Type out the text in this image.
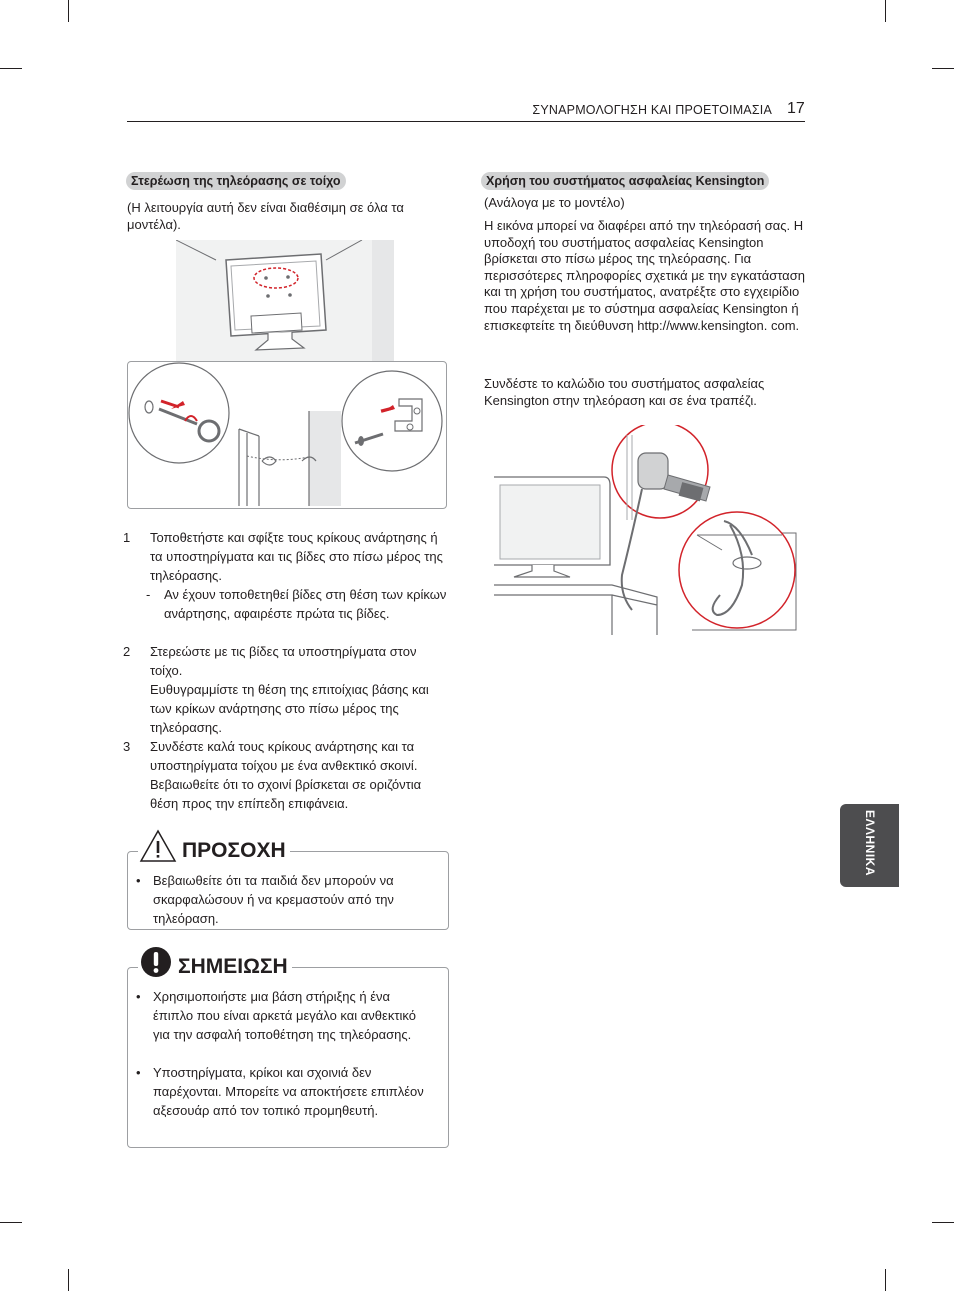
ΣΥΝΑΡΜΟΛΟΓΗΣΗ ΚΑΙ ΠΡΟΕΤΟΙΜΑΣΙΑ 17
Στερέωση της τηλεόρασης σε τοίχο
(Η λειτουργία αυτή δεν είναι διαθέσιμη σε όλα τα μοντέλα).
1 Τοποθετήστε και σφίξτε τους κρίκους ανάρτησης ή τα υποστηρίγματα και τις βίδες στο πίσω μέρος της τηλεόρασης.
- Αν έχουν τοποθετηθεί βίδες στη θέση των κρίκων ανάρτησης, αφαιρέστε πρώτα τις βίδες.
2 Στερεώστε με τις βίδες τα υποστηρίγματα στον τοίχο.
Ευθυγραμμίστε τη θέση της επιτοίχιας βάσης και των κρίκων ανάρτησης στο πίσω μέρος της τηλεόρασης.
3 Συνδέστε καλά τους κρίκους ανάρτησης και τα υποστηρίγματα τοίχου με ένα ανθεκτικό σκοινί. Βεβαιωθείτε ότι το σχοινί βρίσκεται σε οριζόντια θέση προς την επίπεδη επιφάνεια.
ΠΡΟΣΟΧΗ
• Βεβαιωθείτε ότι τα παιδιά δεν μπορούν να σκαρφαλώσουν ή να κρεμαστούν από την τηλεόραση.
ΣΗΜΕΙΩΣΗ
• Χρησιμοποιήστε μια βάση στήριξης ή ένα έπιπλο που είναι αρκετά μεγάλο και ανθεκτικό για την ασφαλή τοποθέτηση της τηλεόρασης.
• Υποστηρίγματα, κρίκοι και σχοινιά δεν παρέχονται. Μπορείτε να αποκτήσετε επιπλέον αξεσουάρ από τον τοπικό προμηθευτή.
Χρήση του συστήματος ασφαλείας Kensington
(Ανάλογα με το μοντέλο)
Η εικόνα μπορεί να διαφέρει από την τηλεόρασή σας. Η υποδοχή του συστήματος ασφαλείας Kensington βρίσκεται στο πίσω μέρος της τηλεόρασης. Για περισσότερες πληροφορίες σχετικά με την εγκατάσταση και τη χρήση του συστήματος, ανατρέξτε στο εγχειρίδιο που παρέχεται με το σύστημα ασφαλείας Kensington ή επισκεφτείτε τη διεύθυνση http://www.kensington. com.
Συνδέστε το καλώδιο του συστήματος ασφαλείας Kensington στην τηλεόραση και σε ένα τραπέζι.
ΕΛΛΗΝΙΚΑ
